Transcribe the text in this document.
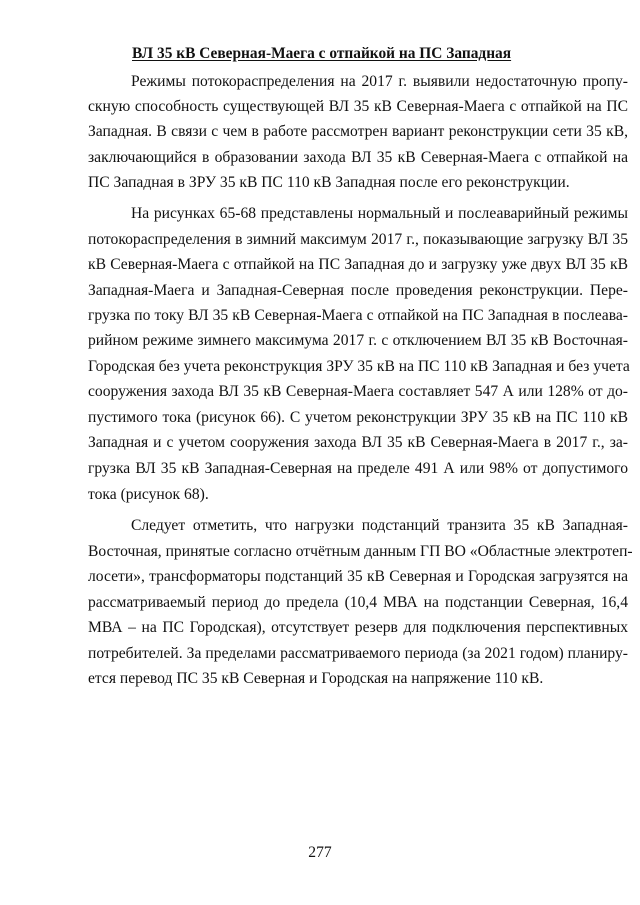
ВЛ 35 кВ Северная-Маега с отпайкой на ПС Западная
Режимы потокораспределения на 2017 г. выявили недостаточную пропу-
скную способность существующей ВЛ 35 кВ Северная-Маега с отпайкой на ПС
Западная. В связи с чем в работе рассмотрен вариант реконструкции сети 35 кВ,
заключающийся в образовании захода ВЛ 35 кВ Северная-Маега с отпайкой на
ПС Западная в ЗРУ 35 кВ ПС 110 кВ Западная после его реконструкции.
На рисунках 65-68 представлены нормальный и послеаварийный режимы
потокораспределения в зимний максимум 2017 г., показывающие загрузку ВЛ 35
кВ Северная-Маега с отпайкой на ПС Западная до и загрузку уже двух ВЛ 35 кВ
Западная-Маега и Западная-Северная после проведения реконструкции. Пере-
грузка по току ВЛ 35 кВ Северная-Маега с отпайкой на ПС Западная в послеава-
рийном режиме зимнего максимума 2017 г. с отключением ВЛ 35 кВ Восточная-
Городская без учета реконструкция ЗРУ 35 кВ на ПС 110 кВ Западная и без учета
сооружения захода ВЛ 35 кВ Северная-Маега составляет 547 А или 128% от до-
пустимого тока (рисунок 66). С учетом реконструкции ЗРУ 35 кВ на ПС 110 кВ
Западная и с учетом сооружения захода ВЛ 35 кВ Северная-Маега в 2017 г., за-
грузка ВЛ 35 кВ Западная-Северная на пределе 491 А или 98% от допустимого
тока (рисунок 68).
Следует отметить, что нагрузки подстанций транзита 35 кВ Западная-
Восточная, принятые согласно отчётным данным ГП ВО «Областные электротеп-
лосети», трансформаторы подстанций 35 кВ Северная и Городская загрузятся на
рассматриваемый период до предела (10,4 МВА на подстанции Северная, 16,4
МВА – на ПС Городская), отсутствует резерв для подключения перспективных
потребителей. За пределами рассматриваемого периода (за 2021 годом) планиру-
ется перевод ПС 35 кВ Северная и Городская на напряжение 110 кВ.
277
